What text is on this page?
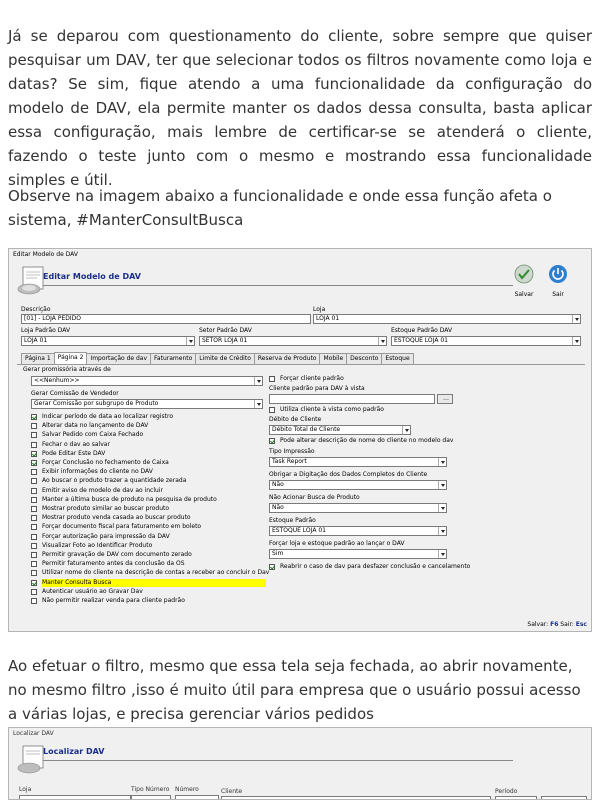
Já se deparou com questionamento do cliente, sobre sempre que quiser pesquisar um DAV, ter que selecionar todos os filtros novamente como loja e datas? Se sim, fique atendo a uma funcionalidade da configuração do modelo de DAV, ela permite manter os dados dessa consulta, basta aplicar essa configuração, mais lembre de certificar-se se atenderá o cliente, fazendo o teste junto com o mesmo e mostrando essa funcionalidade simples e útil.

Observe na imagem abaixo a funcionalidade e onde essa função afeta o sistema, #ManterConsultBusca

Editar Modelo de DAV
Editar Modelo de DAV
Salvar	Sair
Descrição
[01] - LOJA PEDIDO
Loja
LOJA 01
Loja Padrão DAV
LOJA 01
Setor Padrão DAV
SETOR LOJA 01
Estoque Padrão DAV
ESTOQUE LOJA 01
Página 1 Página 2 Importação de dav Faturamento Limite de Crédito Reserva de Produto Mobile Desconto Estoque
Gerar promissória através de
<<Nenhum>>
Gerar Comissão de Vendedor
Gerar Comissão por subgrupo de Produto
Indicar período de data ao localizar registro
Alterar data no lançamento de DAV
Salvar Pedido com Caixa Fechado
Fechar o dav ao salvar
Pode Editar Este DAV
Forçar Conclusão no fechamento de Caixa
Exibir informações do cliente no DAV
Ao buscar o produto trazer a quantidade zerada
Emitir aviso de modelo de dav ao incluir
Manter a última busca de produto na pesquisa de produto
Mostrar produto similar ao buscar produto
Mostrar produto venda casada ao buscar produto
Forçar documento fiscal para faturamento em boleto
Forçar autorização para impressão da DAV
Visualizar Foto ao Identificar Produto
Permitir gravação de DAV com documento zerado
Permitir faturamento antes da conclusão da OS
Utilizar nome do cliente na descrição de contas a receber ao concluir o Dav
Manter Consulta Busca
Autenticar usuário ao Gravar Dav
Não permitir realizar venda para cliente padrão
Forçar cliente padrão
Cliente padrão para DAV à vista
…
Utiliza cliente à vista como padrão
Débito de Cliente
Débito Total de Cliente
Pode alterar descrição de nome do cliente no modelo dav
Tipo Impressão
Task Report
Obrigar a Digitação dos Dados Completos do Cliente
Não
Não Acionar Busca de Produto
Não
Estoque Padrão
ESTOQUE LOJA 01
Forçar loja e estoque padrão ao lançar o DAV
Sim
Reabrir o caso de dav para desfazer conclusão e cancelamento
Salvar: F6 Sair: Esc

Ao efetuar o filtro, mesmo que essa tela seja fechada, ao abrir novamente, no mesmo filtro ,isso é muito útil para empresa que o usuário possui acesso a várias lojas, e precisa gerenciar vários pedidos

Localizar DAV
Localizar DAV
Loja	Tipo Número Número	Cliente	Período
